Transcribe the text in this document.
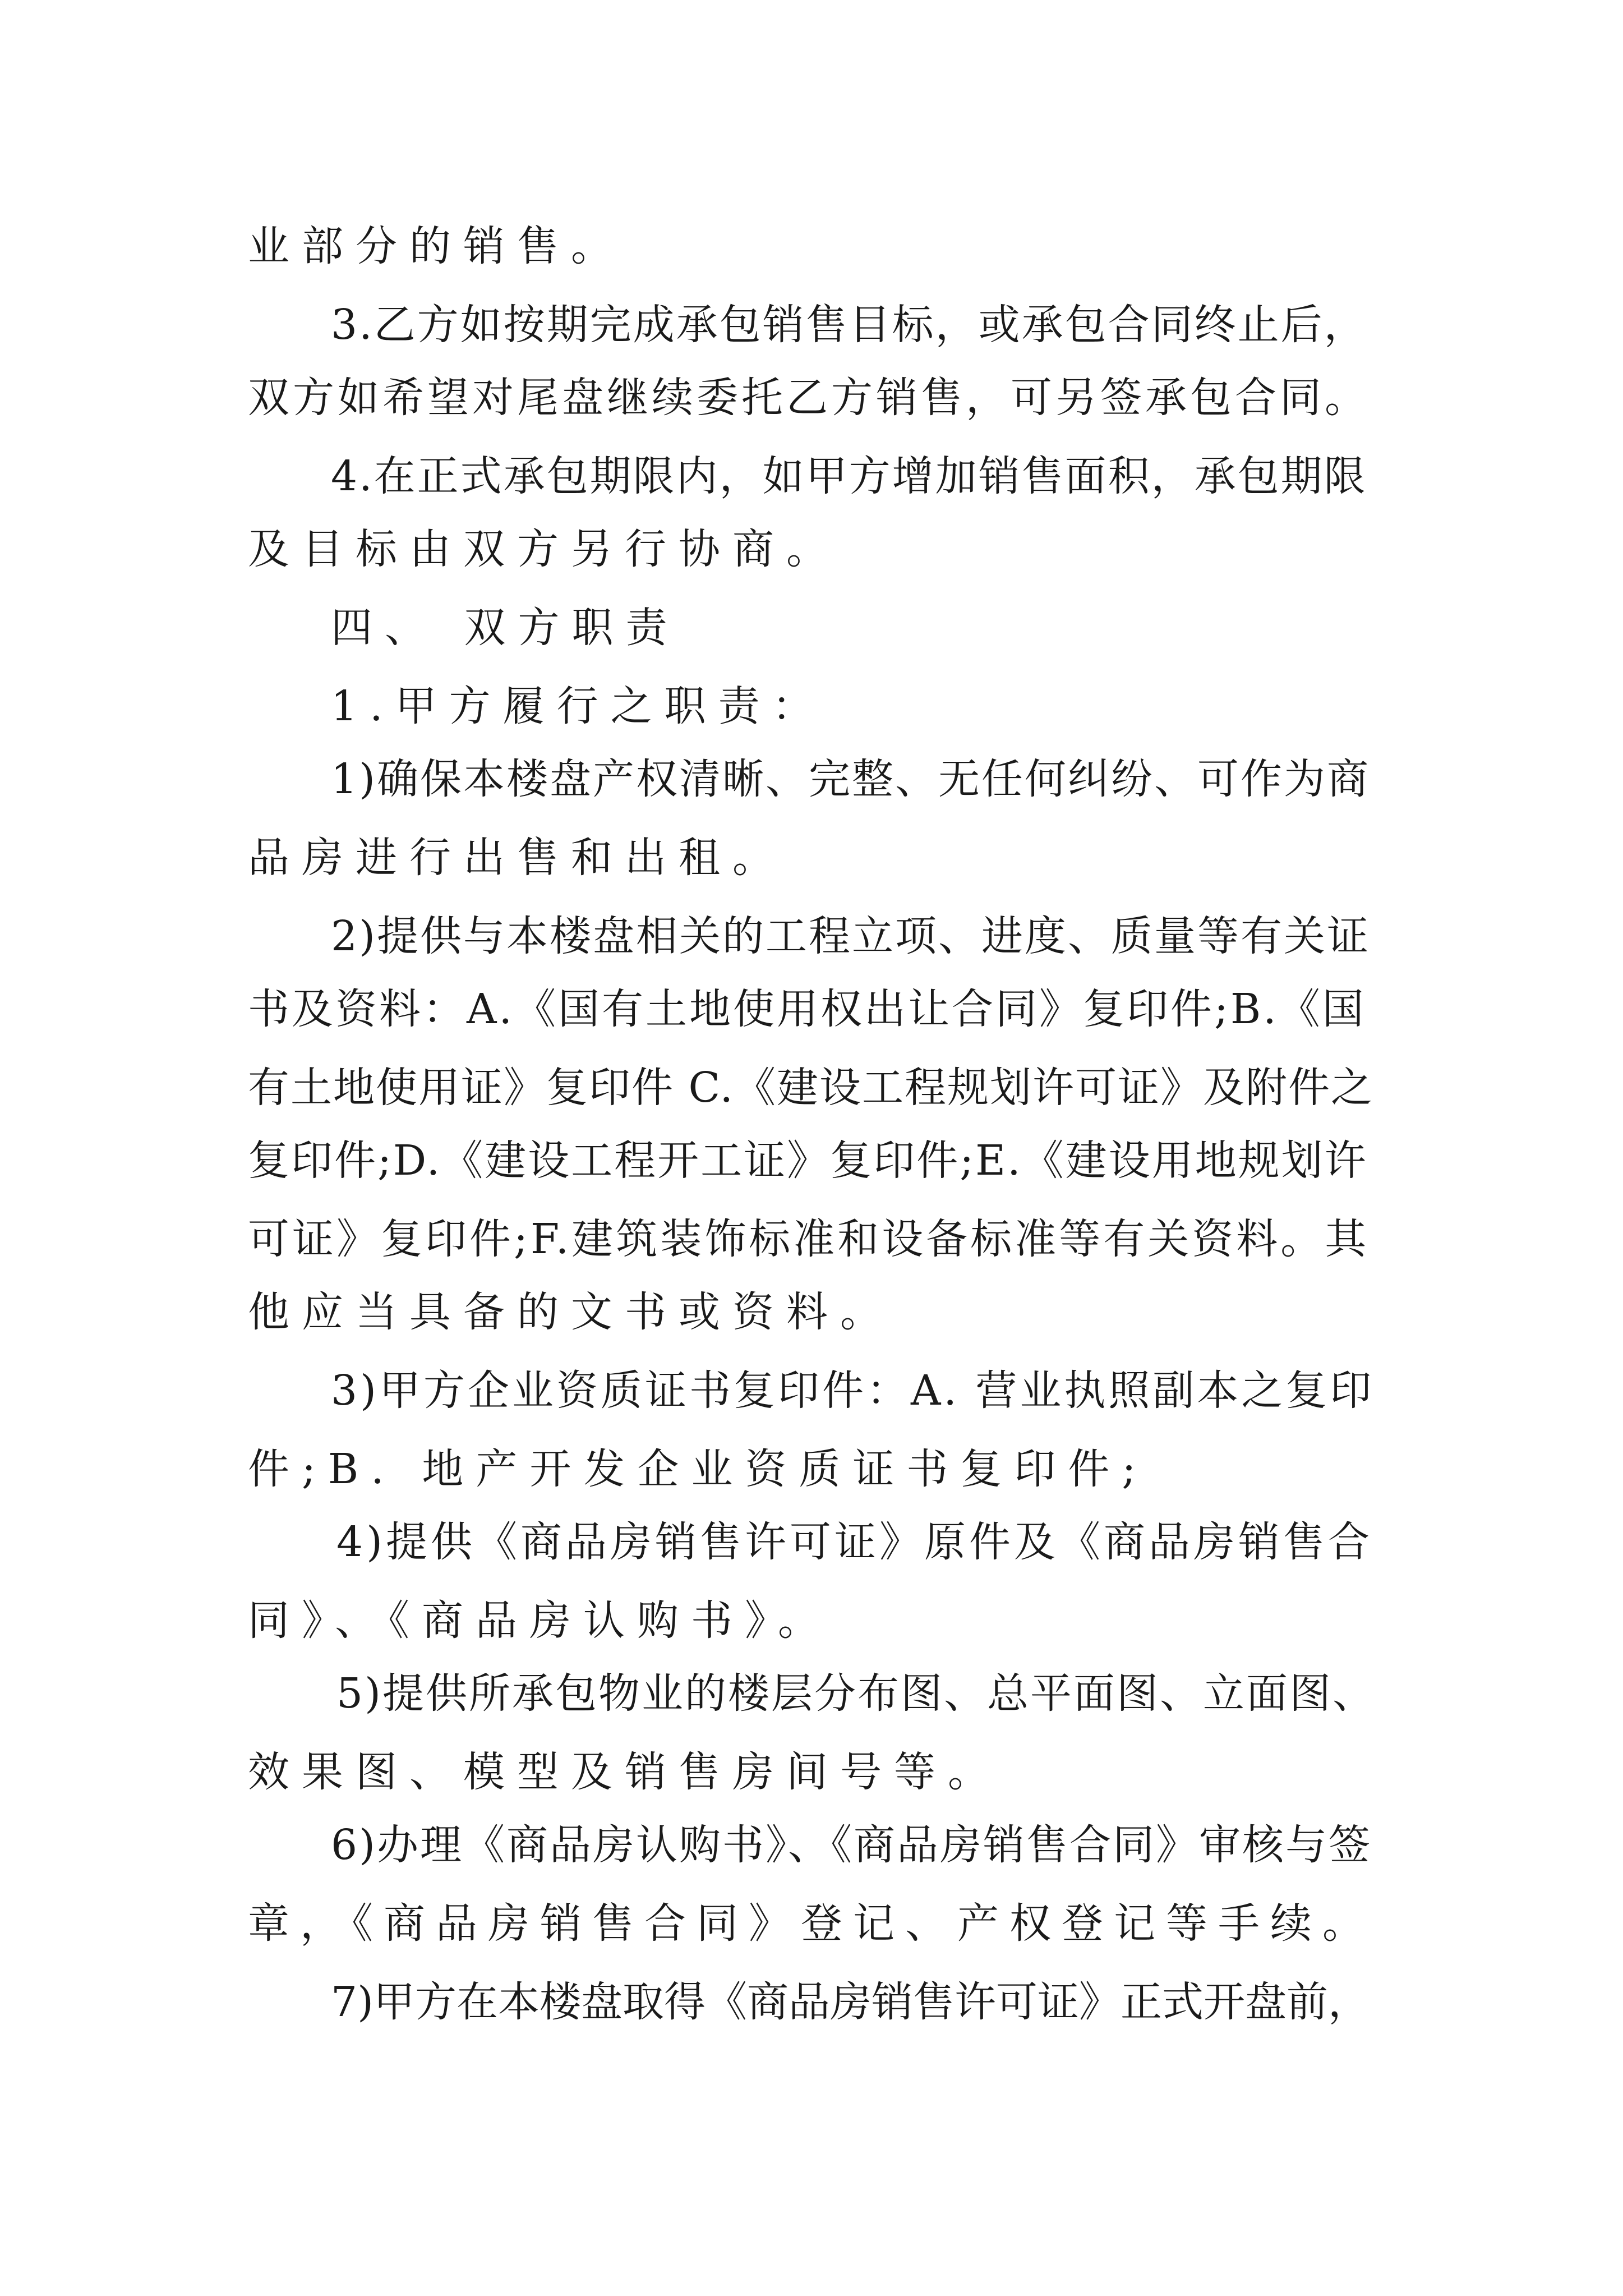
业部分的销售。

3.乙方如按期完成承包销售目标，或承包合同终止后，

双方如希望对尾盘继续委托乙方销售，可另签承包合同。

4.在正式承包期限内，如甲方增加销售面积，承包期限

及目标由双方另行协商。

四、 双方职责

1.甲方履行之职责：

1)确保本楼盘产权清晰、完整、无任何纠纷、可作为商

品房进行出售和出租。

2)提供与本楼盘相关的工程立项、进度、质量等有关证

书及资料：A.《国有土地使用权出让合同》复印件;B.《国

有土地使用证》复印件 C.《建设工程规划许可证》及附件之

复印件;D.《建设工程开工证》复印件;E.《建设用地规划许

可证》复印件;F.建筑装饰标准和设备标准等有关资料。其

他应当具备的文书或资料。

3)甲方企业资质证书复印件：A. 营业执照副本之复印

件;B. 地产开发企业资质证书复印件;

4)提供《商品房销售许可证》原件及《商品房销售合

同》、《商品房认购书》。

5)提供所承包物业的楼层分布图、总平面图、立面图、

效果图、模型及销售房间号等。

6)办理《商品房认购书》、《商品房销售合同》审核与签

章，《商品房销售合同》登记、产权登记等手续。

7)甲方在本楼盘取得《商品房销售许可证》正式开盘前，
